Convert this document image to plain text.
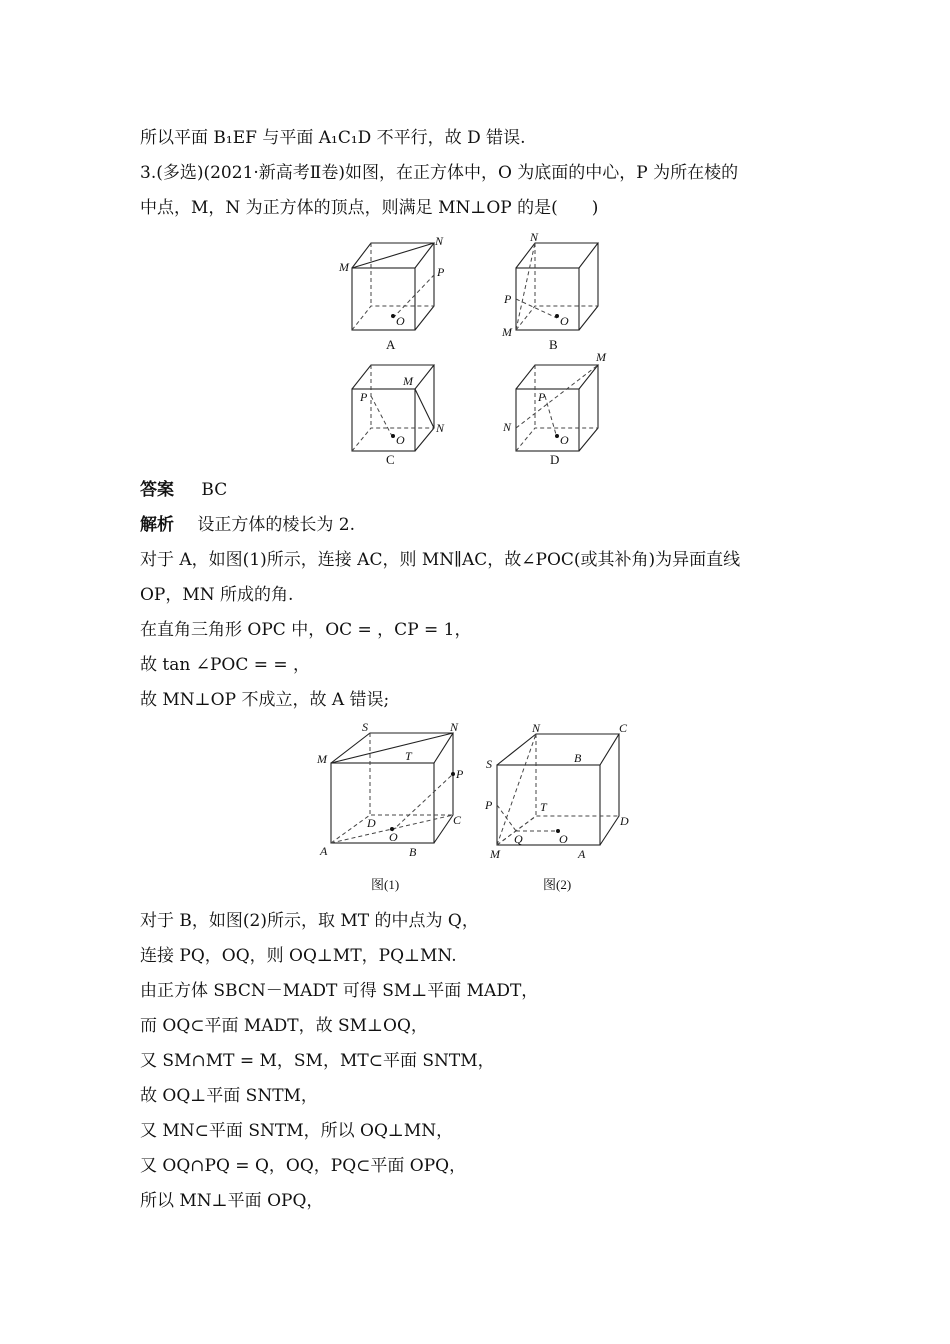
所以平面 B₁EF 与平面 A₁C₁D 不平行，故 D 错误.
3.(多选)(2021·新高考Ⅱ卷)如图，在正方体中，O 为底面的中心，P 为所在棱的
中点，M，N 为正方体的顶点，则满足 MN⊥OP 的是(　　)
答案 BC
解析 设正方体的棱长为 2.
对于 A，如图(1)所示，连接 AC，则 MN∥AC，故∠POC(或其补角)为异面直线
OP，MN 所成的角.
在直角三角形 OPC 中，OC = ，CP = 1，
故 tan ∠POC = = ，
故 MN⊥OP 不成立，故 A 错误;
对于 B，如图(2)所示，取 MT 的中点为 Q，
连接 PQ，OQ，则 OQ⊥MT，PQ⊥MN.
由正方体 SBCN－MADT 可得 SM⊥平面 MADT，
而 OQ⊂平面 MADT，故 SM⊥OQ，
又 SM∩MT = M，SM，MT⊂平面 SNTM，
故 OQ⊥平面 SNTM，
又 MN⊂平面 SNTM，所以 OQ⊥MN，
又 OQ∩PQ = Q，OQ，PQ⊂平面 OPQ，
所以 MN⊥平面 OPQ，
M
N
P
O
A
N
P
M
O
B
M
P
N
O
C
M
P
N
O
D
S	N
M	T
P
D	C
O
A	B
图(1)
N	C
S	B
P	T
D
Q	O
M	A
图(2)
